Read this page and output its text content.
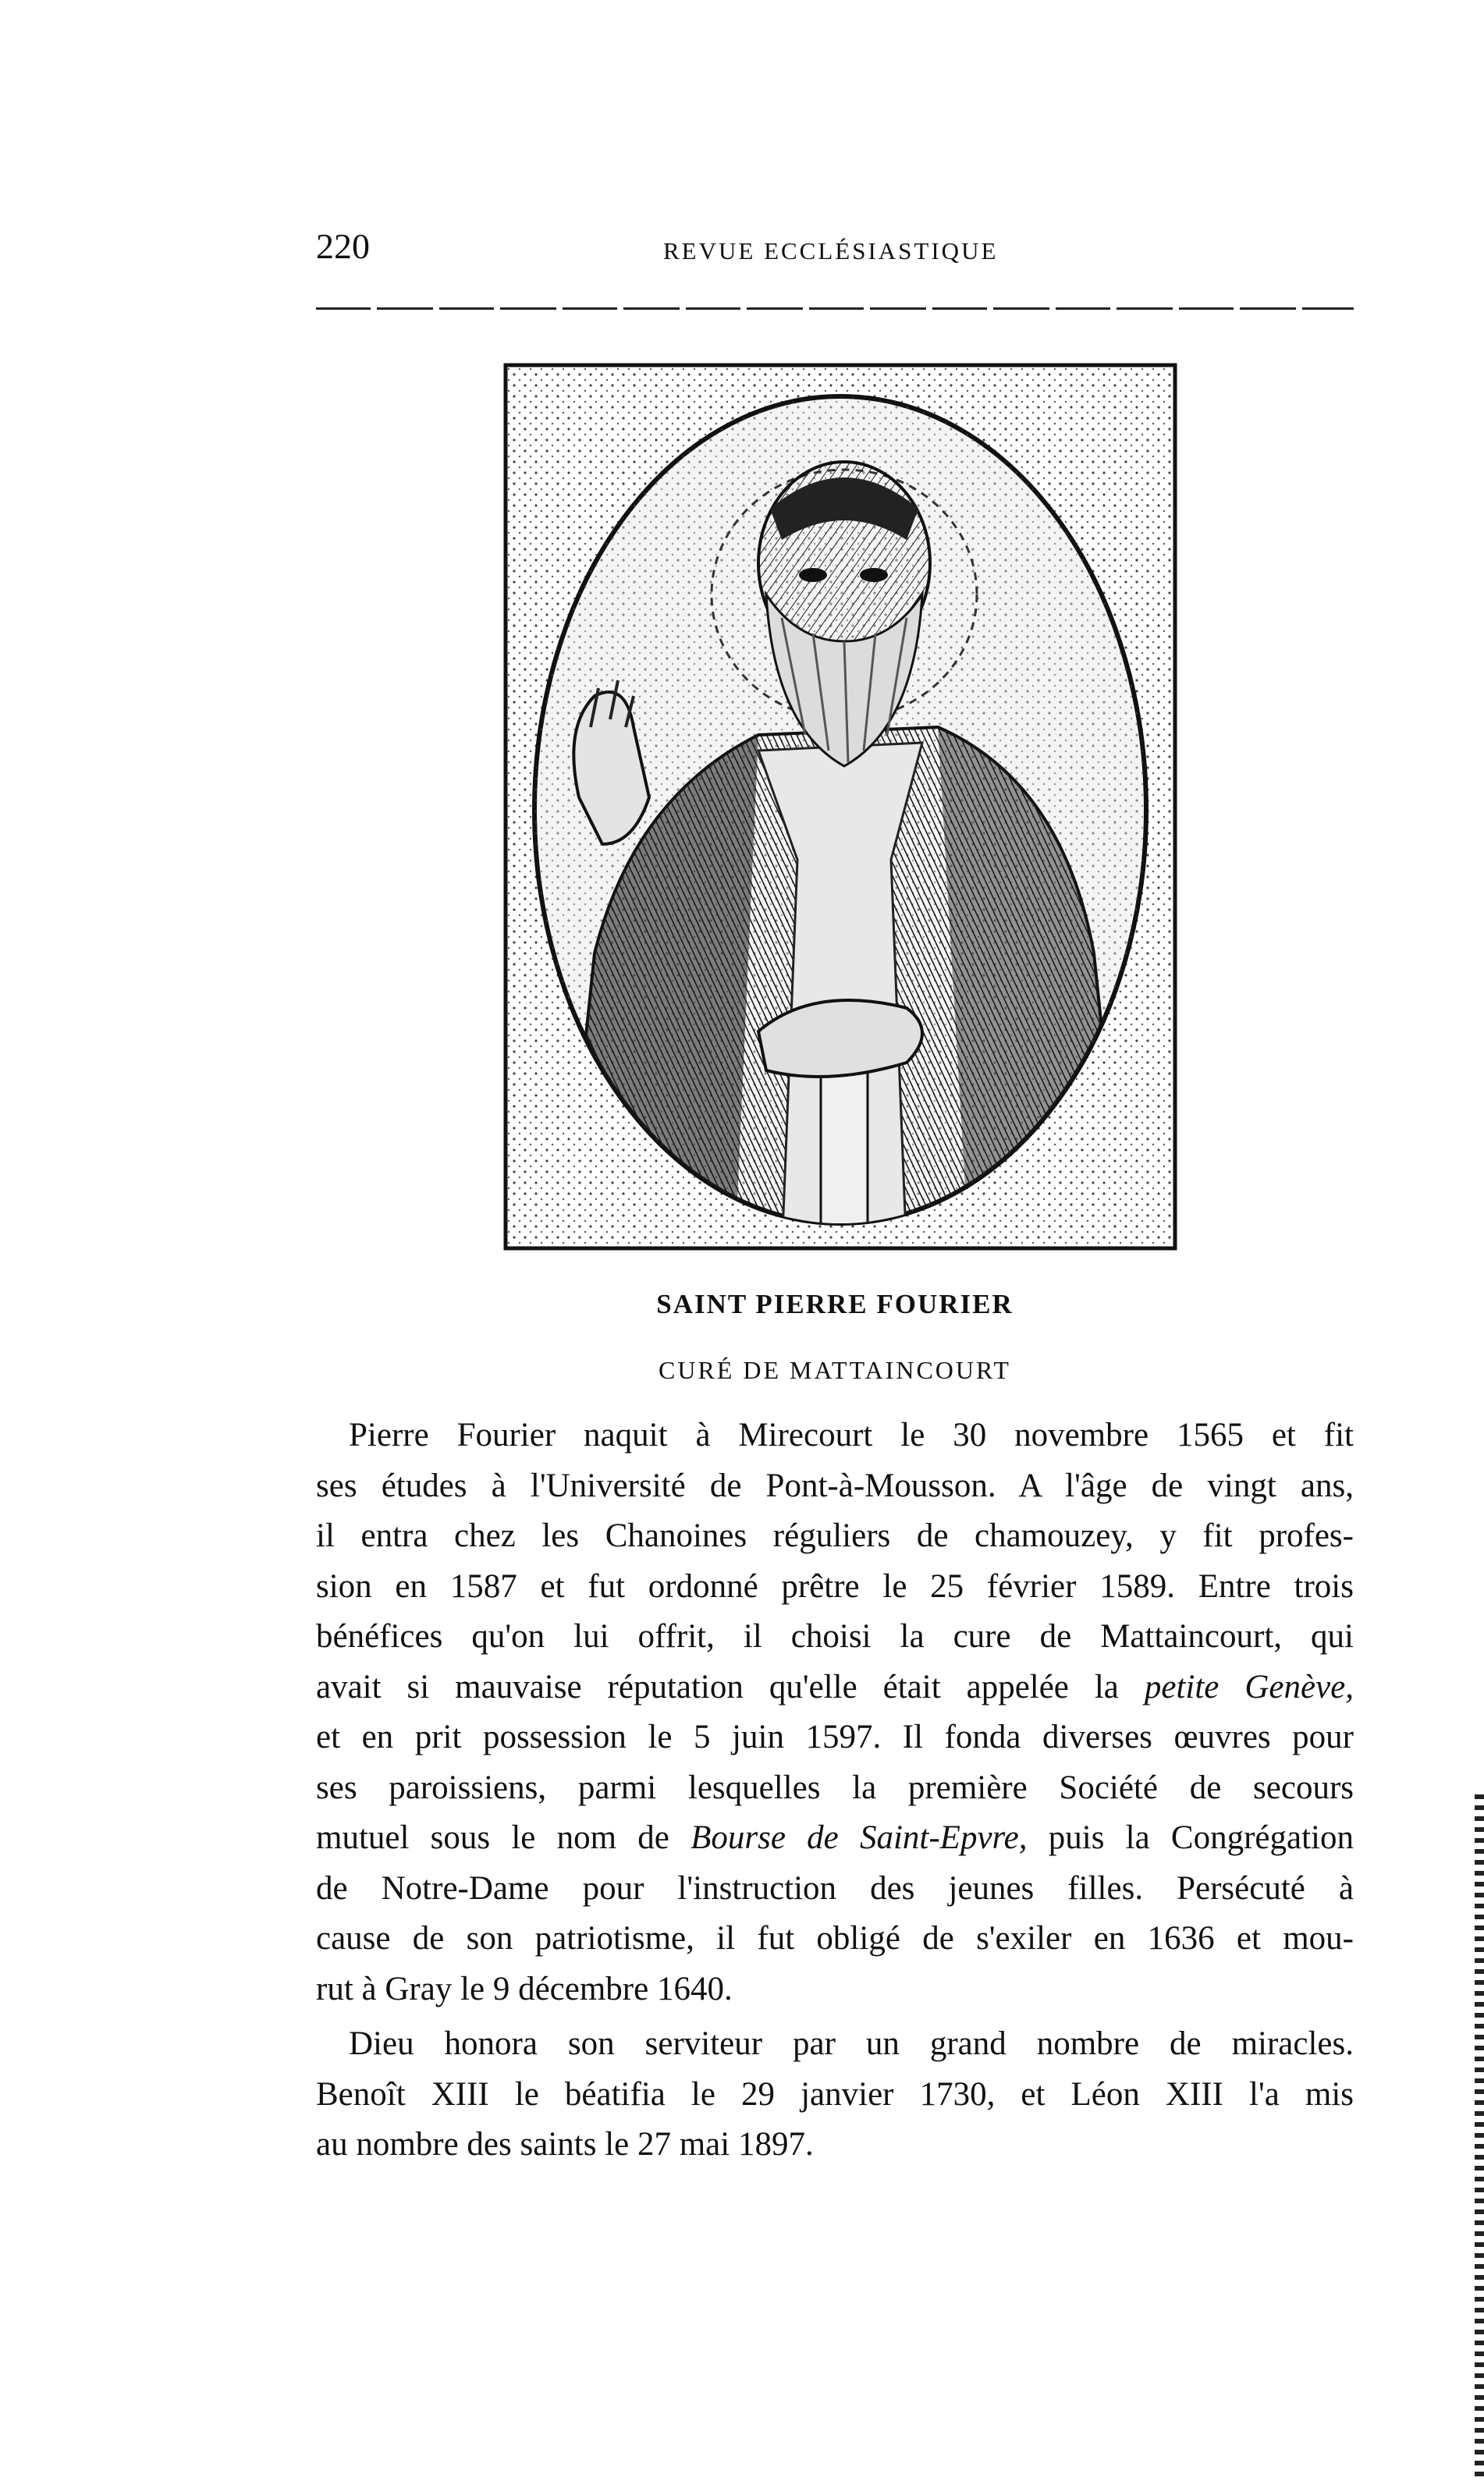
220	REVUE ECCLÉSIASTIQUE
SAINT PIERRE FOURIER
CURÉ DE MATTAINCOURT
Pierre Fourier naquit à Mirecourt le 30 novembre 1565 et fit
ses études à l'Université de Pont-à-Mousson. A l'âge de vingt ans,
il entra chez les Chanoines réguliers de chamouzey, y fit profes-
sion en 1587 et fut ordonné prêtre le 25 février 1589. Entre trois
bénéfices qu'on lui offrit, il choisi la cure de Mattaincourt, qui
avait si mauvaise réputation qu'elle était appelée la petite Genève,
et en prit possession le 5 juin 1597. Il fonda diverses œuvres pour
ses paroissiens, parmi lesquelles la première Société de secours
mutuel sous le nom de Bourse de Saint-Epvre, puis la Congrégation
de Notre-Dame pour l'instruction des jeunes filles. Persécuté à
cause de son patriotisme, il fut obligé de s'exiler en 1636 et mou-
rut à Gray le 9 décembre 1640.
Dieu honora son serviteur par un grand nombre de miracles.
Benoît XIII le béatifia le 29 janvier 1730, et Léon XIII l'a mis
au nombre des saints le 27 mai 1897.
